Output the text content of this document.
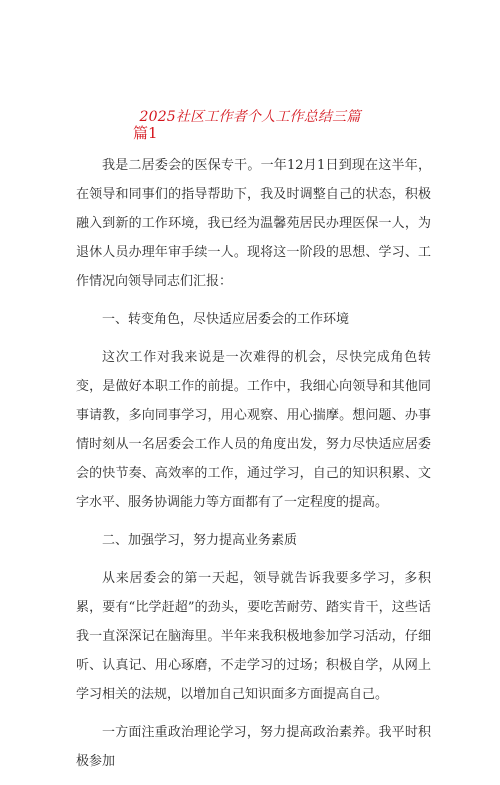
2025社区工作者个人工作总结三篇
篇1

我是二居委会的医保专干。一年12月1日到现在这半年，在领导和同事们的指导帮助下，我及时调整自己的状态，积极融入到新的工作环境，我已经为温馨苑居民办理医保一人，为退休人员办理年审手续一人。现将这一阶段的思想、学习、工作情况向领导同志们汇报：

一、转变角色，尽快适应居委会的工作环境

这次工作对我来说是一次难得的机会，尽快完成角色转变，是做好本职工作的前提。工作中，我细心向领导和其他同事请教，多向同事学习，用心观察、用心揣摩。想问题、办事情时刻从一名居委会工作人员的角度出发，努力尽快适应居委会的快节奏、高效率的工作，通过学习，自己的知识积累、文字水平、服务协调能力等方面都有了一定程度的提高。

二、加强学习，努力提高业务素质

从来居委会的第一天起，领导就告诉我要多学习，多积累，要有“比学赶超”的劲头，要吃苦耐劳、踏实肯干，这些话我一直深深记在脑海里。半年来我积极地参加学习活动，仔细听、认真记、用心琢磨，不走学习的过场；积极自学，从网上学习相关的法规，以增加自己知识面多方面提高自己。

一方面注重政治理论学习，努力提高政治素养。我平时积极参加
